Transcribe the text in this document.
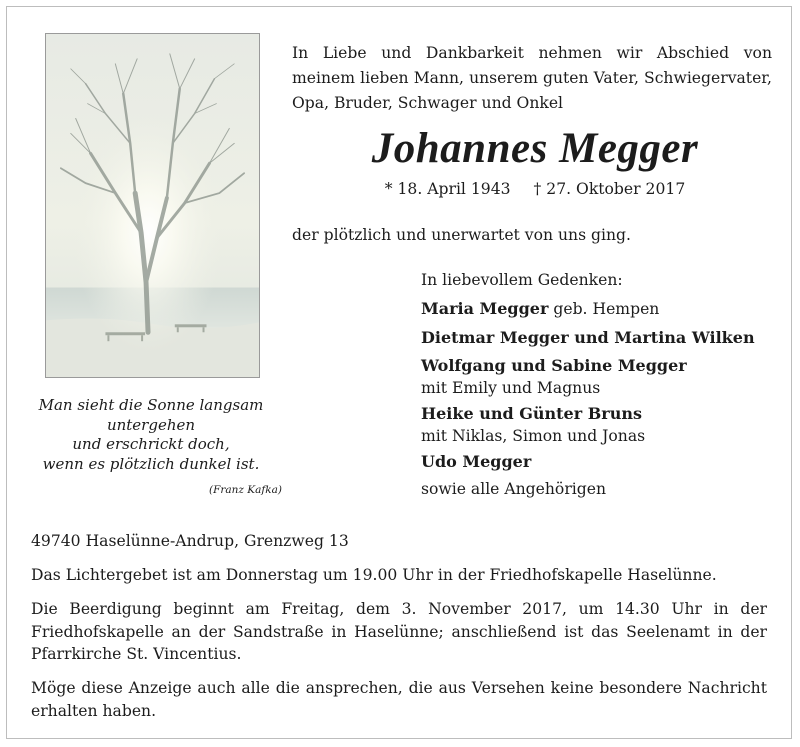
Man sieht die Sonne langsam
untergehen
und erschrickt doch,
wenn es plötzlich dunkel ist.
(Franz Kafka)
In Liebe und Dankbarkeit nehmen wir Abschied von meinem lieben Mann, unserem guten Vater, Schwiegervater, Opa, Bruder, Schwager und Onkel
Johannes Megger
* 18. April 1943 † 27. Oktober 2017
der plötzlich und unerwartet von uns ging.
In liebevollem Gedenken:
Maria Megger geb. Hempen
Dietmar Megger und Martina Wilken
Wolfgang und Sabine Megger
mit Emily und Magnus
Heike und Günter Bruns
mit Niklas, Simon und Jonas
Udo Megger
sowie alle Angehörigen
49740 Haselünne-Andrup, Grenzweg 13
Das Lichtergebet ist am Donnerstag um 19.00 Uhr in der Friedhofskapelle Haselünne.
Die Beerdigung beginnt am Freitag, dem 3. November 2017, um 14.30 Uhr in der Friedhofskapelle an der Sandstraße in Haselünne; anschließend ist das Seelenamt in der Pfarrkirche St. Vincentius.
Möge diese Anzeige auch alle die ansprechen, die aus Versehen keine besondere Nachricht erhalten haben.
